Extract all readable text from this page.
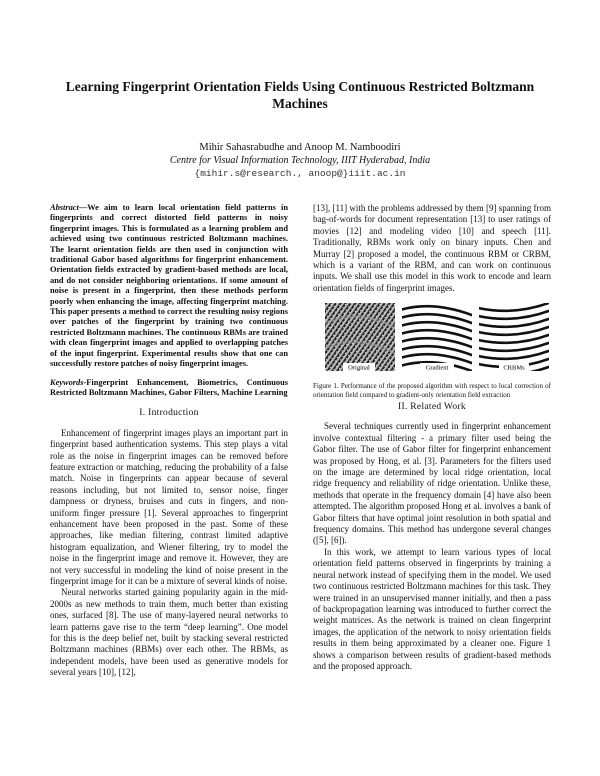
Learning Fingerprint Orientation Fields Using Continuous Restricted Boltzmann Machines
Mihir Sahasrabudhe and Anoop M. Namboodiri
Centre for Visual Information Technology, IIIT Hyderabad, India
{mihir.s@research., anoop@}iiit.ac.in
Abstract—We aim to learn local orientation field patterns in fingerprints and correct distorted field patterns in noisy fingerprint images. This is formulated as a learning problem and achieved using two continuous restricted Boltzmann machines. The learnt orientation fields are then used in conjunction with traditional Gabor based algorithms for fingerprint enhancement. Orientation fields extracted by gradient-based methods are local, and do not consider neighboring orientations. If some amount of noise is present in a fingerprint, then these methods perform poorly when enhancing the image, affecting fingerprint matching. This paper presents a method to correct the resulting noisy regions over patches of the fingerprint by training two continuous restricted Boltzmann machines. The continuous RBMs are trained with clean fingerprint images and applied to overlapping patches of the input fingerprint. Experimental results show that one can successfully restore patches of noisy fingerprint images.
Keywords-Fingerprint Enhancement, Biometrics, Continuous Restricted Boltzmann Machines, Gabor Filters, Machine Learning
I. Introduction

Enhancement of fingerprint images plays an important part in fingerprint based authentication systems. This step plays a vital role as the noise in fingerprint images can be removed before feature extraction or matching, reducing the probability of a false match. Noise in fingerprints can appear because of several reasons including, but not limited to, sensor noise, finger dampness or dryness, bruises and cuts in fingers, and non-uniform finger pressure [1]. Several approaches to fingerprint enhancement have been proposed in the past. Some of these approaches, like median filtering, contrast limited adaptive histogram equalization, and Wiener filtering, try to model the noise in the fingerprint image and remove it. However, they are not very successful in modeling the kind of noise present in the fingerprint image for it can be a mixture of several kinds of noise.

Neural networks started gaining popularity again in the mid-2000s as new methods to train them, much better than existing ones, surfaced [8]. The use of many-layered neural networks to learn patterns gave rise to the term “deep learning”. One model for this is the deep belief net, built by stacking several restricted Boltzmann machines (RBMs) over each other. The RBMs, as independent models, have been used as generative models for several years [10], [12],

[13], [11] with the problems addressed by them [9] spanning from bag-of-words for document representation [13] to user ratings of movies [12] and modeling video [10] and speech [11]. Traditionally, RBMs work only on binary inputs. Chen and Murray [2] proposed a model, the continuous RBM or CRBM, which is a variant of the RBM, and can work on continuous inputs. We shall use this model in this work to encode and learn orientation fields of fingerprint images.

Original	Gradient	CRBMs
Figure 1. Performance of the proposed algorithm with respect to local correction of orientation field compared to gradient-only orientation field extraction
II. Related Work

Several techniques currently used in fingerprint enhancement involve contextual filtering - a primary filter used being the Gabor filter. The use of Gabor filter for fingerprint enhancement was proposed by Hong, et al. [3]. Parameters for the filters used on the image are determined by local ridge orientation, local ridge frequency and reliability of ridge orientation. Unlike these, methods that operate in the frequency domain [4] have also been attempted. The algorithm proposed Hong et al. involves a bank of Gabor filters that have optimal joint resolution in both spatial and frequency domains. This method has undergone several changes ([5], [6]).

In this work, we attempt to learn various types of local orientation field patterns observed in fingerprints by training a neural network instead of specifying them in the model. We used two continuous restricted Boltzmann machines for this task. They were trained in an unsupervised manner initially, and then a pass of backpropagation learning was introduced to further correct the weight matrices. As the network is trained on clean fingerprint images, the application of the network to noisy orientation fields results in them being approximated by a cleaner one. Figure 1 shows a comparison between results of gradient-based methods and the proposed approach.
